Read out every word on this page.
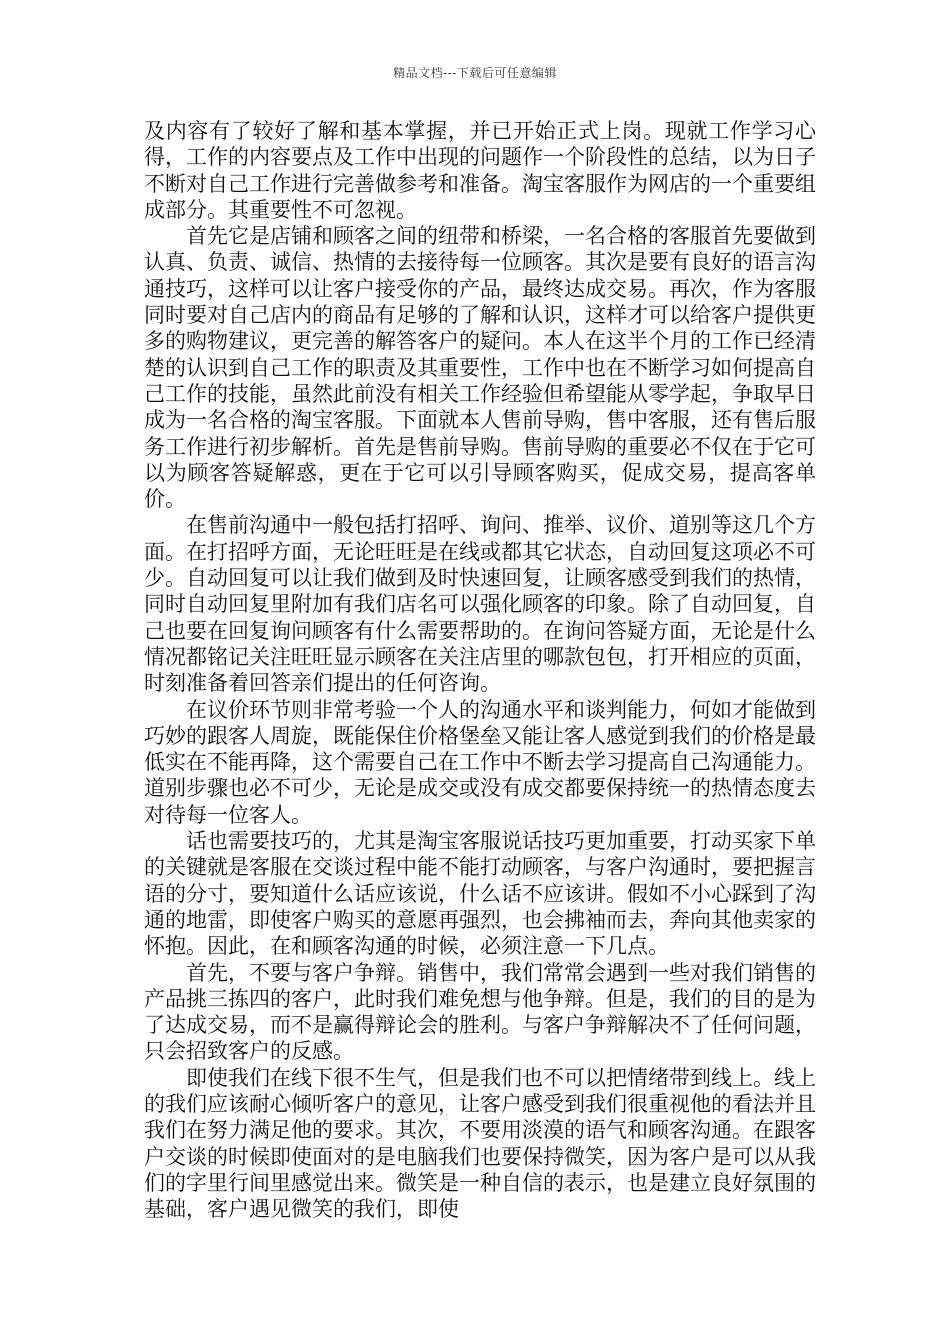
精品文档---下载后可任意编辑

及内容有了较好了解和基本掌握，并已开始正式上岗。现就工作学习心得，工作的内容要点及工作中出现的问题作一个阶段性的总结，以为日子不断对自己工作进行完善做参考和准备。淘宝客服作为网店的一个重要组成部分。其重要性不可忽视。

首先它是店铺和顾客之间的纽带和桥梁，一名合格的客服首先要做到认真、负责、诚信、热情的去接待每一位顾客。其次是要有良好的语言沟通技巧，这样可以让客户接受你的产品，最终达成交易。再次，作为客服同时要对自己店内的商品有足够的了解和认识，这样才可以给客户提供更多的购物建议，更完善的解答客户的疑问。本人在这半个月的工作已经清楚的认识到自己工作的职责及其重要性，工作中也在不断学习如何提高自己工作的技能，虽然此前没有相关工作经验但希望能从零学起，争取早日成为一名合格的淘宝客服。下面就本人售前导购，售中客服，还有售后服务工作进行初步解析。首先是售前导购。售前导购的重要必不仅在于它可以为顾客答疑解惑，更在于它可以引导顾客购买，促成交易，提高客单价。

在售前沟通中一般包括打招呼、询问、推举、议价、道别等这几个方面。在打招呼方面，无论旺旺是在线或都其它状态，自动回复这项必不可少。自动回复可以让我们做到及时快速回复，让顾客感受到我们的热情，同时自动回复里附加有我们店名可以强化顾客的印象。除了自动回复，自己也要在回复询问顾客有什么需要帮助的。在询问答疑方面，无论是什么情况都铭记关注旺旺显示顾客在关注店里的哪款包包，打开相应的页面，时刻准备着回答亲们提出的任何咨询。

在议价环节则非常考验一个人的沟通水平和谈判能力，何如才能做到巧妙的跟客人周旋，既能保住价格堡垒又能让客人感觉到我们的价格是最低实在不能再降，这个需要自己在工作中不断去学习提高自己沟通能力。道别步骤也必不可少，无论是成交或没有成交都要保持统一的热情态度去对待每一位客人。

话也需要技巧的，尤其是淘宝客服说话技巧更加重要，打动买家下单的关键就是客服在交谈过程中能不能打动顾客，与客户沟通时，要把握言语的分寸，要知道什么话应该说，什么话不应该讲。假如不小心踩到了沟通的地雷，即使客户购买的意愿再强烈，也会拂袖而去，奔向其他卖家的怀抱。因此，在和顾客沟通的时候，必须注意一下几点。

首先，不要与客户争辩。销售中，我们常常会遇到一些对我们销售的产品挑三拣四的客户，此时我们难免想与他争辩。但是，我们的目的是为了达成交易，而不是赢得辩论会的胜利。与客户争辩解决不了任何问题，只会招致客户的反感。

即使我们在线下很不生气，但是我们也不可以把情绪带到线上。线上的我们应该耐心倾听客户的意见，让客户感受到我们很重视他的看法并且我们在努力满足他的要求。其次，不要用淡漠的语气和顾客沟通。在跟客户交谈的时候即使面对的是电脑我们也要保持微笑，因为客户是可以从我们的字里行间里感觉出来。微笑是一种自信的表示，也是建立良好氛围的基础，客户遇见微笑的我们，即使
